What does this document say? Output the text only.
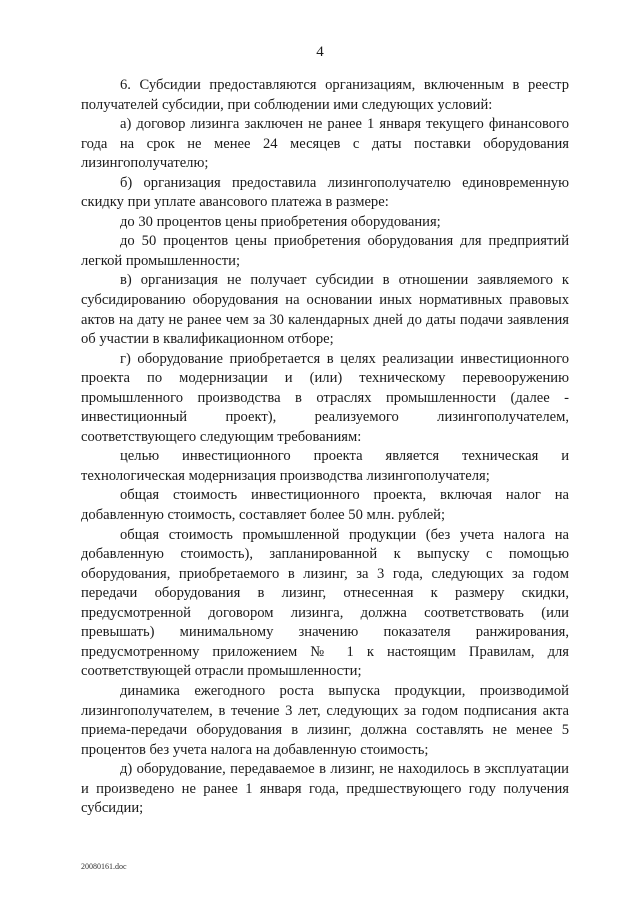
4

6. Субсидии предоставляются организациям, включенным в реестр получателей субсидии, при соблюдении ими следующих условий:

а) договор лизинга заключен не ранее 1 января текущего финансового года на срок не менее 24 месяцев с даты поставки оборудования лизингополучателю;

б) организация предоставила лизингополучателю единовременную скидку при уплате авансового платежа в размере:

до 30 процентов цены приобретения оборудования;

до 50 процентов цены приобретения оборудования для предприятий легкой промышленности;

в) организация не получает субсидии в отношении заявляемого к субсидированию оборудования на основании иных нормативных правовых актов на дату не ранее чем за 30 календарных дней до даты подачи заявления об участии в квалификационном отборе;

г) оборудование приобретается в целях реализации инвестиционного проекта по модернизации и (или) техническому перевооружению промышленного производства в отраслях промышленности (далее - инвестиционный проект), реализуемого лизингополучателем, соответствующего следующим требованиям:

целью инвестиционного проекта является техническая и технологическая модернизация производства лизингополучателя;

общая стоимость инвестиционного проекта, включая налог на добавленную стоимость, составляет более 50 млн. рублей;

общая стоимость промышленной продукции (без учета налога на добавленную стоимость), запланированной к выпуску с помощью оборудования, приобретаемого в лизинг, за 3 года, следующих за годом передачи оборудования в лизинг, отнесенная к размеру скидки, предусмотренной договором лизинга, должна соответствовать (или превышать) минимальному значению показателя ранжирования, предусмотренному приложением № 1 к настоящим Правилам, для соответствующей отрасли промышленности;

динамика ежегодного роста выпуска продукции, производимой лизингополучателем, в течение 3 лет, следующих за годом подписания акта приема-передачи оборудования в лизинг, должна составлять не менее 5 процентов без учета налога на добавленную стоимость;

д) оборудование, передаваемое в лизинг, не находилось в эксплуатации и произведено не ранее 1 января года, предшествующего году получения субсидии;

20080161.doc
